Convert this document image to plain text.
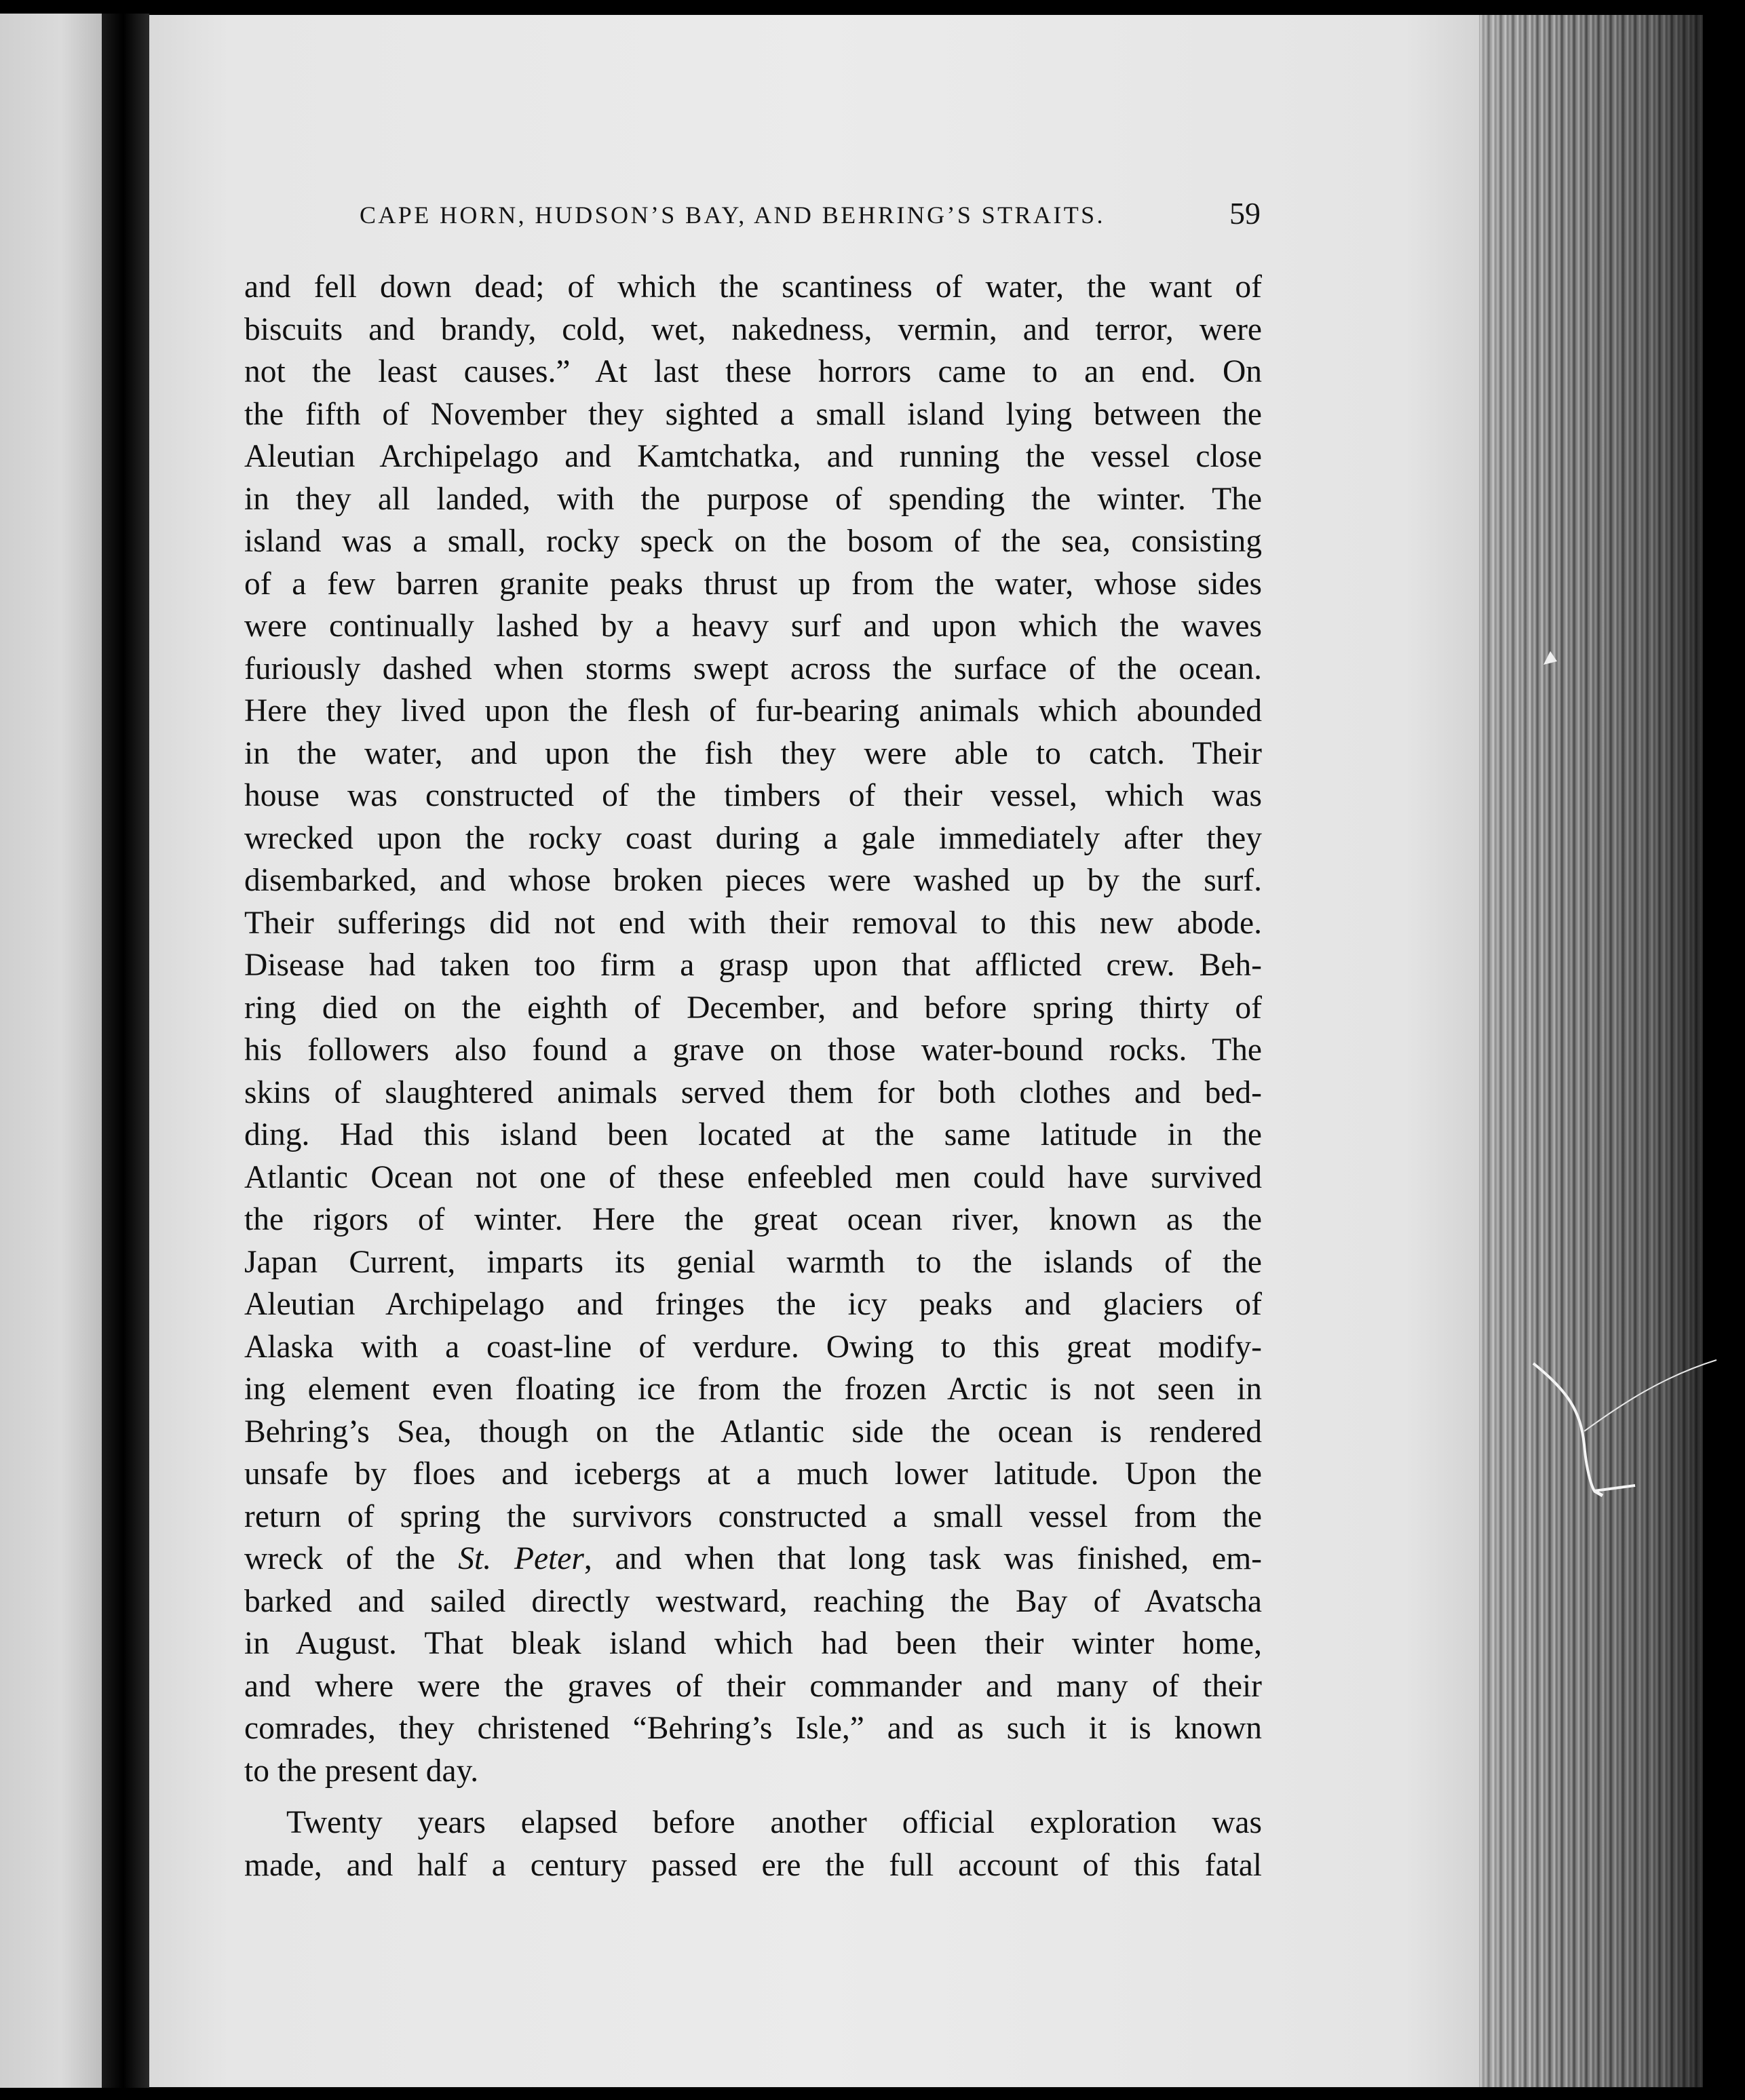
CAPE HORN, HUDSON’S BAY, AND BEHRING’S STRAITS.	59
and fell down dead; of which the scantiness of water, the want of
biscuits and brandy, cold, wet, nakedness, vermin, and terror, were
not the least causes.” At last these horrors came to an end. On
the fifth of November they sighted a small island lying between the
Aleutian Archipelago and Kamtchatka, and running the vessel close
in they all landed, with the purpose of spending the winter. The
island was a small, rocky speck on the bosom of the sea, consisting
of a few barren granite peaks thrust up from the water, whose sides
were continually lashed by a heavy surf and upon which the waves
furiously dashed when storms swept across the surface of the ocean.
Here they lived upon the flesh of fur-bearing animals which abounded
in the water, and upon the fish they were able to catch. Their
house was constructed of the timbers of their vessel, which was
wrecked upon the rocky coast during a gale immediately after they
disembarked, and whose broken pieces were washed up by the surf.
Their sufferings did not end with their removal to this new abode.
Disease had taken too firm a grasp upon that afflicted crew. Beh-
ring died on the eighth of December, and before spring thirty of
his followers also found a grave on those water-bound rocks. The
skins of slaughtered animals served them for both clothes and bed-
ding. Had this island been located at the same latitude in the
Atlantic Ocean not one of these enfeebled men could have survived
the rigors of winter. Here the great ocean river, known as the
Japan Current, imparts its genial warmth to the islands of the
Aleutian Archipelago and fringes the icy peaks and glaciers of
Alaska with a coast-line of verdure. Owing to this great modify-
ing element even floating ice from the frozen Arctic is not seen in
Behring’s Sea, though on the Atlantic side the ocean is rendered
unsafe by floes and icebergs at a much lower latitude. Upon the
return of spring the survivors constructed a small vessel from the
wreck of the St. Peter, and when that long task was finished, em-
barked and sailed directly westward, reaching the Bay of Avatscha
in August. That bleak island which had been their winter home,
and where were the graves of their commander and many of their
comrades, they christened “Behring’s Isle,” and as such it is known
to the present day.
Twenty years elapsed before another official exploration was
made, and half a century passed ere the full account of this fatal
